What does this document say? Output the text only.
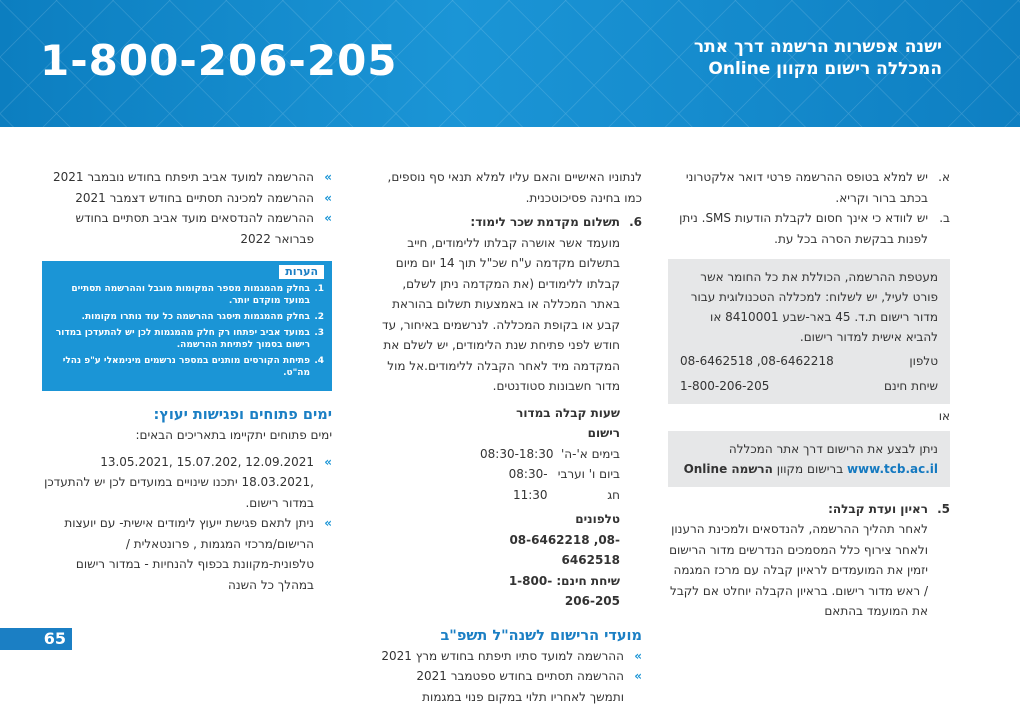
1-800-206-205	ישנה אפשרות הרשמה דרך אתר
המכללה רישום מקוון Online
א.
יש למלא בטופס ההרשמה פרטי דואר אלקטרוני בכתב ברור וקריא.
ב.
יש לוודא כי אינך חסום לקבלת הודעות SMS. ניתן לפנות בבקשת הסרה בכל עת.
מעטפת ההרשמה, הכוללת את כל החומר אשר פורט לעיל, יש לשלוח: למכללה הטכנולוגית עבור מדור רישום ת.ד. 45 באר-שבע 8410001 או להביא אישית למדור רישום.
טלפון
08-6462518 ,08-6462218
שיחת חינם
1-800-206-205
או
ניתן לבצע את הרישום דרך אתר המכללה
www.tcb.ac.il ברישום מקוון הרשמה Online
5.
ראיון ועדת קבלה:
לאחר תהליך ההרשמה, להנדסאים ולמכינת הרענון ולאחר צירוף כלל המסמכים הנדרשים מדור הרישום יזמין את המועמדים לראיון קבלה עם מרכז המגמה / ראש מדור רישום. בראיון הקבלה יוחלט אם לקבל את המועמד בהתאם
לנתוניו האישיים והאם עליו למלא תנאי סף נוספים, כמו בחינה פסיכוטכנית.
6.
תשלום מקדמת שכר לימוד:
מועמד אשר אושרה קבלתו ללימודים, חייב בתשלום מקדמה ע"ח שכ"ל תוך 14 יום מיום קבלתו ללימודים (את המקדמה ניתן לשלם, באתר המכללה או באמצעות תשלום בהוראת קבע או בקופת המכללה. לנרשמים באיחור, עד חודש לפני פתיחת שנת הלימודים, יש לשלם את המקדמה מיד לאחר הקבלה ללימודים.אל מול מדור חשבונות סטודנטים.
שעות קבלה במדור רישום
בימים א'-ה'
08:30-18:30
ביום ו' וערבי חג
08:30-11:30
טלפונים
08-6462218 ,08-6462518
שיחת חינם: 1-800-206-205
מועדי הרישום לשנה"ל תשפ"ב
»
ההרשמה למועד סתיו תיפתח בחודש מרץ 2021
»
ההרשמה תסתיים בחודש ספטמבר 2021 ותמשך לאחריו תלוי במקום פנוי במגמות
»
ההרשמה למועד אביב תיפתח בחודש נובמבר 2021
»
ההרשמה למכינה תסתיים בחודש דצמבר 2021
»
ההרשמה להנדסאים מועד אביב תסתיים בחודש פברואר 2022
הערות
1.
בחלק מהמגמות מספר המקומות מוגבל וההרשמה תסתיים במועד מוקדם יותר.
2.
בחלק מהמגמות תיסגר ההרשמה כל עוד נותרו מקומות.
3.
במועד אביב יפתחו רק חלק מהמגמות לכן יש להתעדכן במדור רישום בסמוך לפתיחת ההרשמה.
4.
פתיחת הקורסים מותנים במספר נרשמים מינימאלי ע"פ נהלי מה"ט.
ימים פתוחים ופגישות יעוץ:
ימים פתוחים יתקיימו בתאריכים הבאים:
»
12.09.2021 ,15.07.202 ,13.05.2021 ,18.03.2021 יתכנו שינויים במועדים לכן יש להתעדכן במדור רישום.
»
ניתן לתאם פגישת ייעוץ לימודים אישית- עם יועצות הרישום/מרכזי המגמות , פרונטאלית / טלפונית-מקוונת בכפוף להנחיות - במדור רישום במהלך כל השנה
65
